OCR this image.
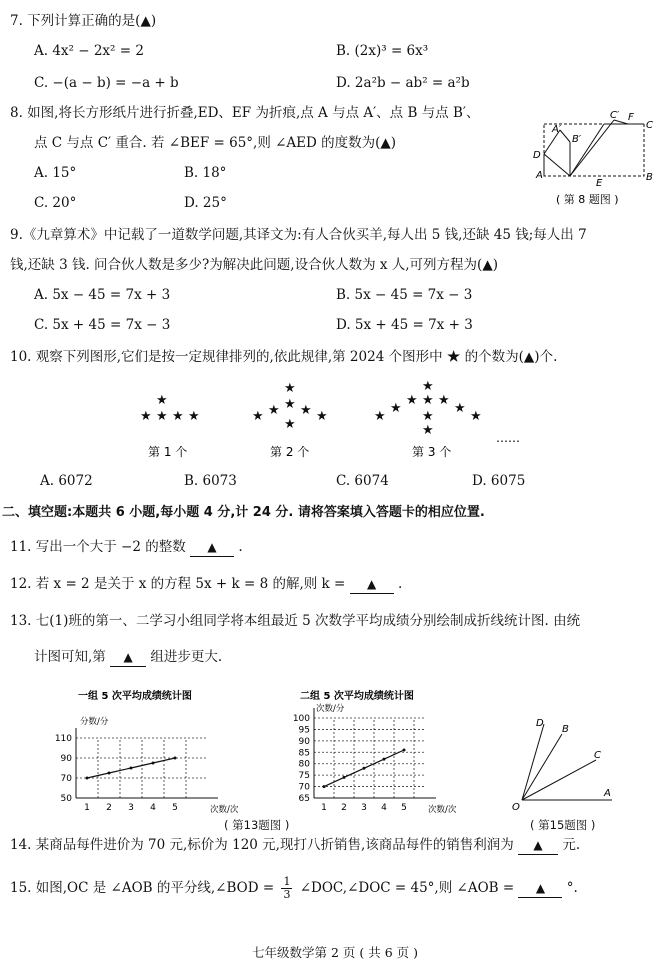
7. 下列计算正确的是(▲)
A. 4x² − 2x² = 2	B. (2x)³ = 6x³
C. −(a − b) = −a + b	D. 2a²b − ab² = a²b
8. 如图,将长方形纸片进行折叠,ED、EF 为折痕,点 A 与点 A′、点 B 与点 B′、
点 C 与点 C′ 重合. 若 ∠BEF = 65°,则 ∠AED 的度数为(▲)
A. 15°	B. 18°
C. 20°	D. 25°
C′ F
C
A′
B′
D
A
E
B
( 第 8 题图 )
9.《九章算术》中记载了一道数学问题,其译文为:有人合伙买羊,每人出 5 钱,还缺 45 钱;每人出 7
钱,还缺 3 钱. 问合伙人数是多少?为解决此问题,设合伙人数为 x 人,可列方程为(▲)
A. 5x − 45 = 7x + 3	B. 5x − 45 = 7x − 3
C. 5x + 45 = 7x − 3	D. 5x + 45 = 7x + 3
10. 观察下列图形,它们是按一定规律排列的,依此规律,第 2024 个图形中 ★ 的个数为(▲)个.
★
★ ★ ★ ★
★
★ ★ ★
★	★
★
★
★ ★ ★
★	★
★	★
★
★
第 1 个	第 2 个	第 3 个
……
A. 6072	B. 6073	C. 6074	D. 6075
二、填空题:本题共 6 小题,每小题 4 分,计 24 分. 请将答案填入答题卡的相应位置.
11. 写出一个大于 −2 的整数 ▲ .
12. 若 x = 2 是关于 x 的方程 5x + k = 8 的解,则 k = ▲ .
13. 七(1)班的第一、二学习小组同学将本组最近 5 次数学平均成绩分别绘制成折线统计图. 由统
计图可知,第 ▲ 组进步更大.
一组 5 次平均成绩统计图
分数/分
50
70
90
110
1 2 3 4 5	次数/次
二组 5 次平均成绩统计图
次数/分
65
70
75
80
85
90
95
100
1 2 3 4 5 次数/次
( 第13题图 )
D
B
C
O
A
( 第15题图 )
14. 某商品每件进价为 70 元,标价为 120 元,现打八折销售,该商品每件的销售利润为 ▲ 元.
15. 如图,OC 是 ∠AOB 的平分线,∠BOD = $\frac{1}{3}$ ∠DOC,∠DOC = 45°,则 ∠AOB = ▲ °.
七年级数学第 2 页 ( 共 6 页 )
